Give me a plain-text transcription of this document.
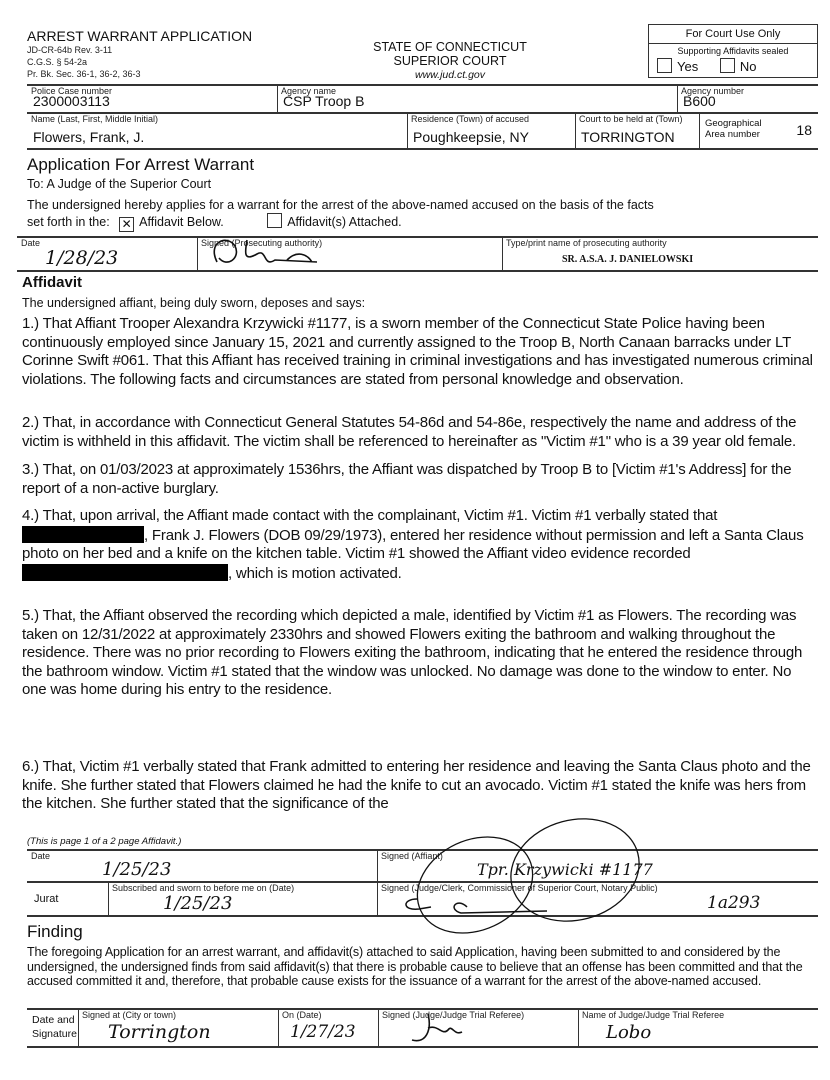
ARREST WARRANT APPLICATION
JD-CR-64b Rev. 3-11
C.G.S. § 54-2a
Pr. Bk. Sec. 36-1, 36-2, 36-3
STATE OF CONNECTICUT
SUPERIOR COURT
www.jud.ct.gov
For Court Use Only
Supporting Affidavits sealed
Yes	No
Police Case number
2300003113
Agency name
CSP Troop B
Agency number
B600
Name (Last, First, Middle Initial)
Flowers, Frank, J.
Residence (Town) of accused
Poughkeepsie, NY
Court to be held at (Town)
TORRINGTON
Geographical Area number	18
Application For Arrest Warrant
To: A Judge of the Superior Court
The undersigned hereby applies for a warrant for the arrest of the above-named accused on the basis of the facts
set forth in the: ✕ Affidavit Below.	Affidavit(s) Attached.
Date
1/28/23
Signed (Prosecuting authority)	Type/print name of prosecuting authority
SR. A.S.A. J. DANIELOWSKI
Affidavit
The undersigned affiant, being duly sworn, deposes and says:
1.) That Affiant Trooper Alexandra Krzywicki #1177, is a sworn member of the Connecticut State Police having been continuously employed since January 15, 2021 and currently assigned to the Troop B, North Canaan barracks under LT Corinne Swift #061. That this Affiant has received training in criminal investigations and has investigated numerous criminal violations. The following facts and circumstances are stated from personal knowledge and observation.
2.) That, in accordance with Connecticut General Statutes 54-86d and 54-86e, respectively the name and address of the victim is withheld in this affidavit. The victim shall be referenced to hereinafter as "Victim #1" who is a 39 year old female.
3.) That, on 01/03/2023 at approximately 1536hrs, the Affiant was dispatched by Troop B to [Victim #1's Address] for the report of a non-active burglary.
4.) That, upon arrival, the Affiant made contact with the complainant, Victim #1. Victim #1 verbally stated that , Frank J. Flowers (DOB 09/29/1973), entered her residence without permission and left a Santa Claus photo on her bed and a knife on the kitchen table. Victim #1 showed the Affiant video evidence recorded , which is motion activated.
5.) That, the Affiant observed the recording which depicted a male, identified by Victim #1 as Flowers. The recording was taken on 12/31/2022 at approximately 2330hrs and showed Flowers exiting the bathroom and walking throughout the residence. There was no prior recording to Flowers exiting the bathroom, indicating that he entered the residence through the bathroom window. Victim #1 stated that the window was unlocked. No damage was done to the window to enter. No one was home during his entry to the residence.
6.) That, Victim #1 verbally stated that Frank admitted to entering her residence and leaving the Santa Claus photo and the knife. She further stated that Flowers claimed he had the knife to cut an avocado. Victim #1 stated the knife was hers from the kitchen. She further stated that the significance of the
(This is page 1 of a 2 page Affidavit.)
Date
1/25/23
Signed (Affiant)
Tpr. Krzywicki #1177
Jurat
Subscribed and sworn to before me on (Date)
1/25/23
Signed (Judge/Clerk, Commissioner of Superior Court, Notary Public)
1a293
Finding
The foregoing Application for an arrest warrant, and affidavit(s) attached to said Application, having been submitted to and considered by the undersigned, the undersigned finds from said affidavit(s) that there is probable cause to believe that an offense has been committed and that the accused committed it and, therefore, that probable cause exists for the issuance of a warrant for the arrest of the above-named accused.
Date and Signature
Signed at (City or town)
Torrington
On (Date)
1/27/23
Signed (Judge/Judge Trial Referee)	Name of Judge/Judge Trial Referee
Lobo
